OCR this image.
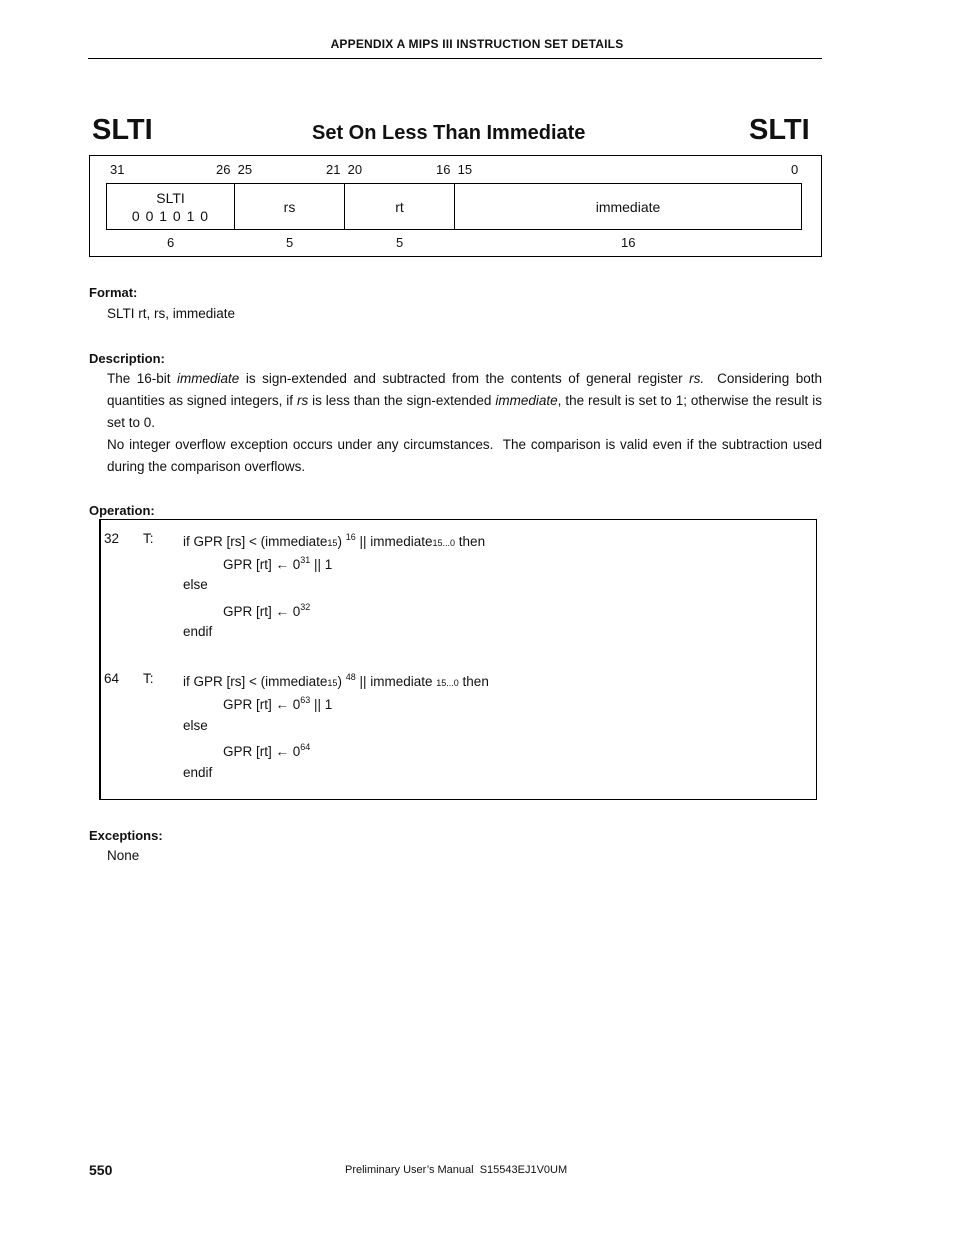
APPENDIX A MIPS III INSTRUCTION SET DETAILS
SLTI	Set On Less Than Immediate	SLTI
31	26  25	21  20	16  15	0
SLTI
0 0 1 0 1 0
rs	rt	immediate
6	5	5	16
Format:
SLTI rt, rs, immediate
Description:
The 16-bit immediate is sign-extended and subtracted from the contents of general register rs.  Considering both quantities as signed integers, if rs is less than the sign-extended immediate, the result is set to 1; otherwise the result is set to 0.
No integer overflow exception occurs under any circumstances.  The comparison is valid even if the subtraction used during the comparison overflows.
Operation:
32 T: if GPR [rs] < (immediate15) $^{16}$ || immediate15...0 then
GPR [rt] ← $0^{31}$ || 1
else
GPR [rt] ← $0^{32}$
endif
64 T: if GPR [rs] < (immediate15) $^{48}$ || immediate 15...0 then
GPR [rt] ← $0^{63}$ || 1
else
GPR [rt] ← $0^{64}$
endif
Exceptions:
None
550	Preliminary User’s Manual  S15543EJ1V0UM
